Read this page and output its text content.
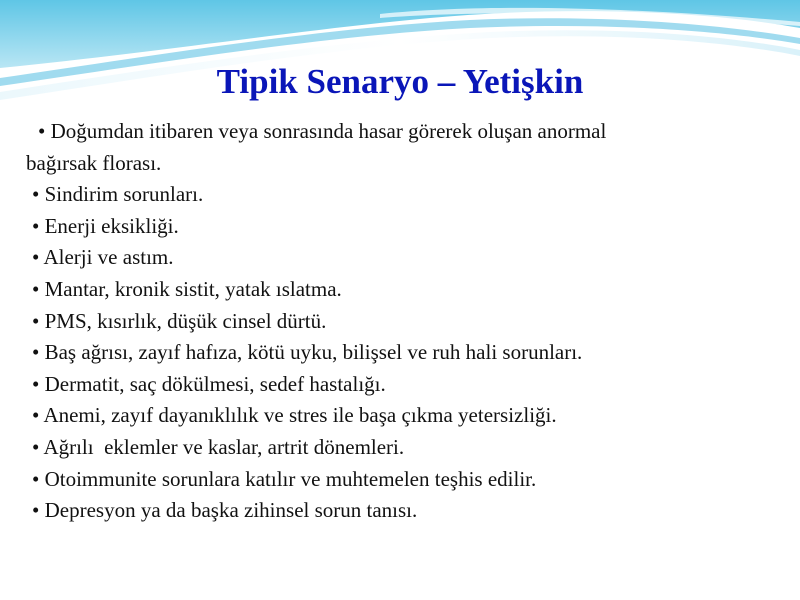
Tipik Senaryo – Yetişkin
• Doğumdan itibaren veya sonrasında hasar görerek oluşan anormal
bağırsak florası.
• Sindirim sorunları.
• Enerji eksikliği.
• Alerji ve astım.
• Mantar, kronik sistit, yatak ıslatma.
• PMS, kısırlık, düşük cinsel dürtü.
• Baş ağrısı, zayıf hafıza, kötü uyku, bilişsel ve ruh hali sorunları.
• Dermatit, saç dökülmesi, sedef hastalığı.
• Anemi, zayıf dayanıklılık ve stres ile başa çıkma yetersizliği.
• Ağrılı  eklemler ve kaslar, artrit dönemleri.
• Otoimmunite sorunlara katılır ve muhtemelen teşhis edilir.
• Depresyon ya da başka zihinsel sorun tanısı.
